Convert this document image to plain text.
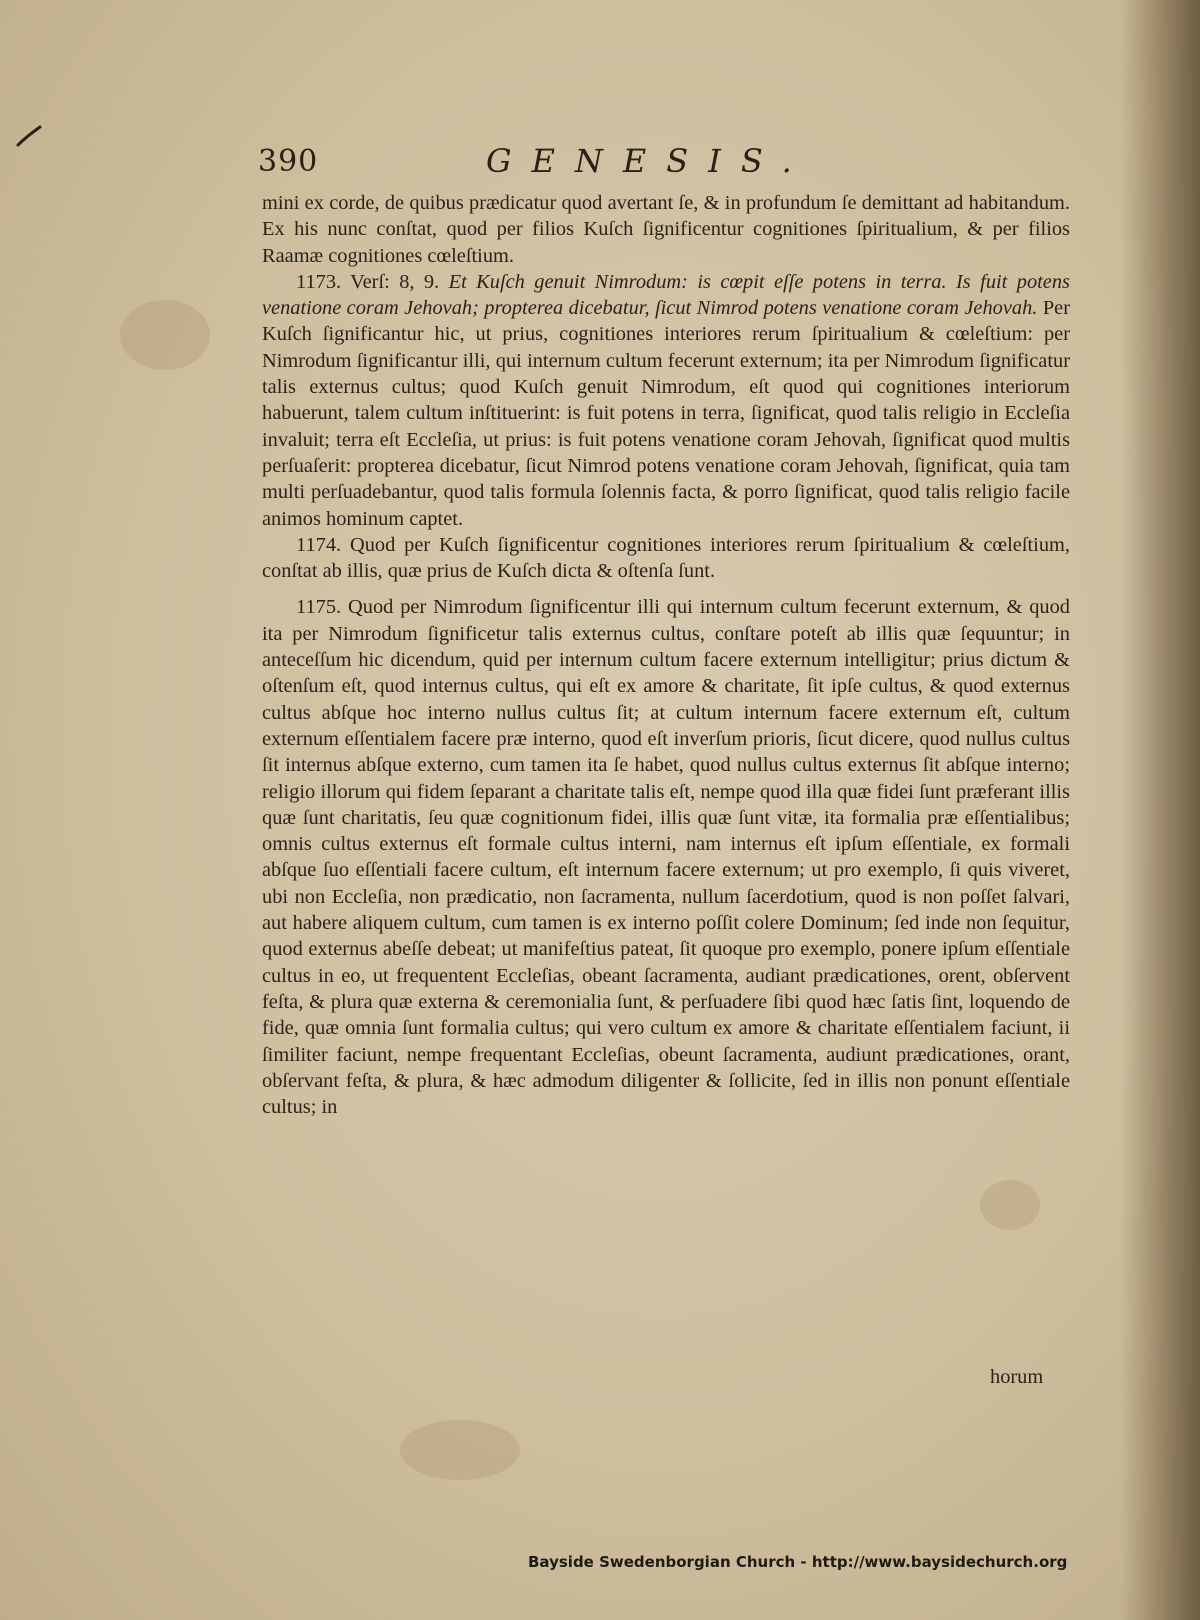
390	GENESIS.

mini ex corde, de quibus prædicatur quod avertant ſe, & in profundum ſe demittant ad habitandum. Ex his nunc conſtat, quod per filios Kuſch ſignificentur cognitiones ſpiritualium, & per filios Raamæ cognitiones cœleſtium.

1173. Verſ: 8, 9. Et Kuſch genuit Nimrodum: is cœpit eſſe potens in terra. Is fuit potens venatione coram Jehovah; propterea dicebatur, ſicut Nimrod potens venatione coram Jehovah. Per Kuſch ſignificantur hic, ut prius, cognitiones interiores rerum ſpiritualium & cœleſtium: per Nimrodum ſignificantur illi, qui internum cultum fecerunt externum; ita per Nimrodum ſignificatur talis externus cultus; quod Kuſch genuit Nimrodum, eſt quod qui cognitiones interiorum habuerunt, talem cultum inſtituerint: is fuit potens in terra, ſignificat, quod talis religio in Eccleſia invaluit; terra eſt Eccleſia, ut prius: is fuit potens venatione coram Jehovah, ſignificat quod multis perſuaſerit: propterea dicebatur, ſicut Nimrod potens venatione coram Jehovah, ſignificat, quia tam multi perſuadebantur, quod talis formula ſolennis facta, & porro ſignificat, quod talis religio facile animos hominum captet.

1174. Quod per Kuſch ſignificentur cognitiones interiores rerum ſpiritualium & cœleſtium, conſtat ab illis, quæ prius de Kuſch dicta & oſtenſa ſunt.

1175. Quod per Nimrodum ſignificentur illi qui internum cultum fecerunt externum, & quod ita per Nimrodum ſignificetur talis externus cultus, conſtare poteſt ab illis quæ ſequuntur; in anteceſſum hic dicendum, quid per internum cultum facere externum intelligitur; prius dictum & oſtenſum eſt, quod internus cultus, qui eſt ex amore & charitate, ſit ipſe cultus, & quod externus cultus abſque hoc interno nullus cultus ſit; at cultum internum facere externum eſt, cultum externum eſſentialem facere præ interno, quod eſt inverſum prioris, ſicut dicere, quod nullus cultus ſit internus abſque externo, cum tamen ita ſe habet, quod nullus cultus externus ſit abſque interno; religio illorum qui fidem ſeparant a charitate talis eſt, nempe quod illa quæ fidei ſunt præferant illis quæ ſunt charitatis, ſeu quæ cognitionum fidei, illis quæ ſunt vitæ, ita formalia præ eſſentialibus; omnis cultus externus eſt formale cultus interni, nam internus eſt ipſum eſſentiale, ex formali abſque ſuo eſſentiali facere cultum, eſt internum facere externum; ut pro exemplo, ſi quis viveret, ubi non Eccleſia, non prædicatio, non ſacramenta, nullum ſacerdotium, quod is non poſſet ſalvari, aut habere aliquem cultum, cum tamen is ex interno poſſit colere Dominum; ſed inde non ſequitur, quod externus abeſſe debeat; ut manifeſtius pateat, ſit quoque pro exemplo, ponere ipſum eſſentiale cultus in eo, ut frequentent Eccleſias, obeant ſacramenta, audiant prædicationes, orent, obſervent feſta, & plura quæ externa & ceremonialia ſunt, & perſuadere ſibi quod hæc ſatis ſint, loquendo de fide, quæ omnia ſunt formalia cultus; qui vero cultum ex amore & charitate eſſentialem faciunt, ii ſimiliter faciunt, nempe frequentant Eccleſias, obeunt ſacramenta, audiunt prædicationes, orant, obſervant feſta, & plura, & hæc admodum diligenter & ſollicite, ſed in illis non ponunt eſſentiale cultus; in

horum
Bayside Swedenborgian Church - http://www.baysidechurch.org
